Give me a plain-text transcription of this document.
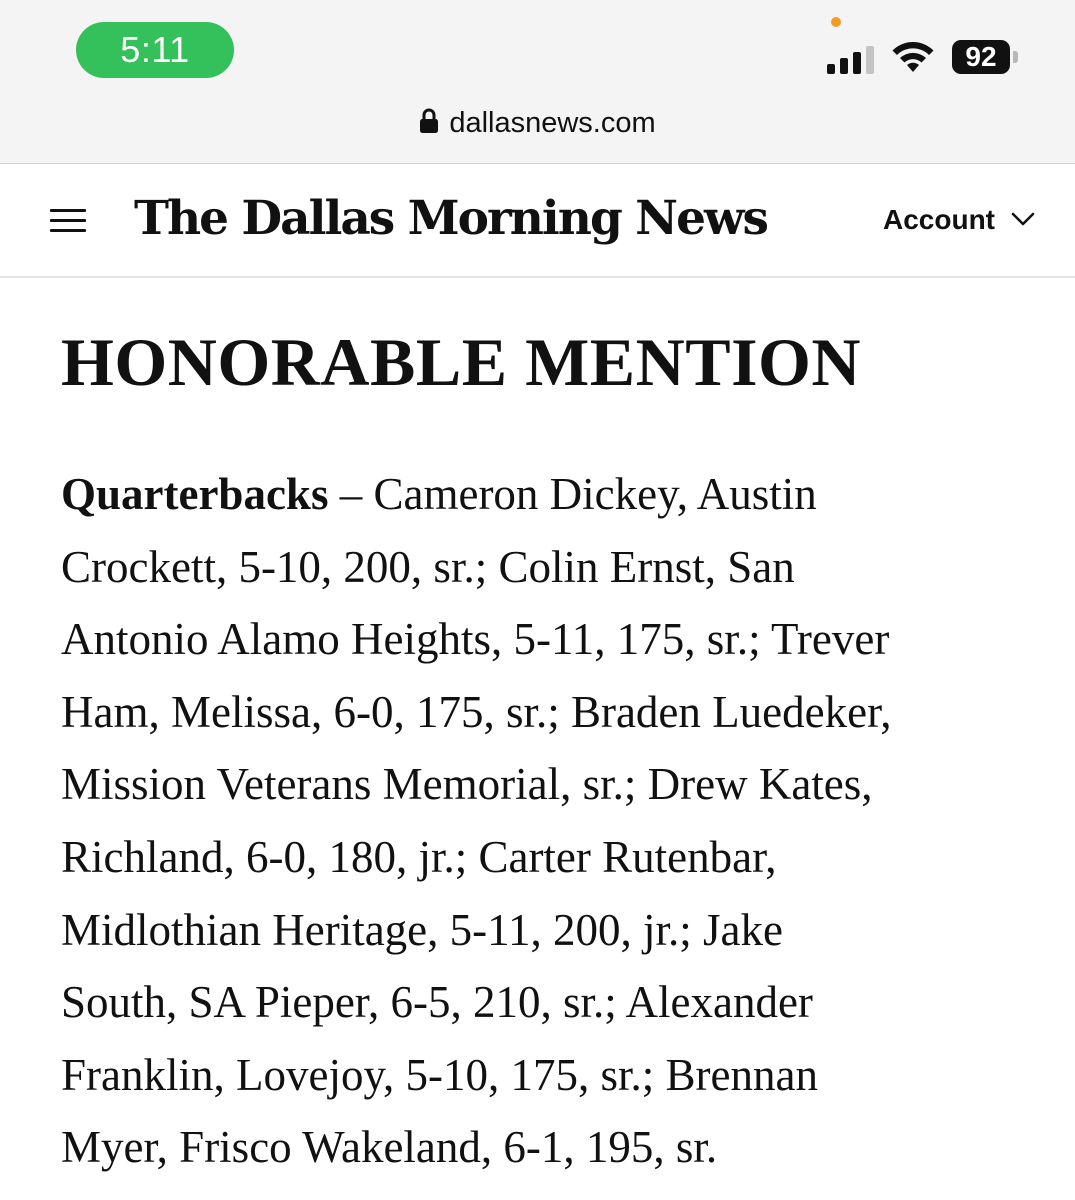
5:11	92
dallasnews.com
The Dallas Morning News	Account
HONORABLE MENTION

Quarterbacks – Cameron Dickey, Austin
Crockett, 5-10, 200, sr.; Colin Ernst, San
Antonio Alamo Heights, 5-11, 175, sr.; Trever
Ham, Melissa, 6-0, 175, sr.; Braden Luedeker,
Mission Veterans Memorial, sr.; Drew Kates,
Richland, 6-0, 180, jr.; Carter Rutenbar,
Midlothian Heritage, 5-11, 200, jr.; Jake
South, SA Pieper, 6-5, 210, sr.; Alexander
Franklin, Lovejoy, 5-10, 175, sr.; Brennan
Myer, Frisco Wakeland, 6-1, 195, sr.
